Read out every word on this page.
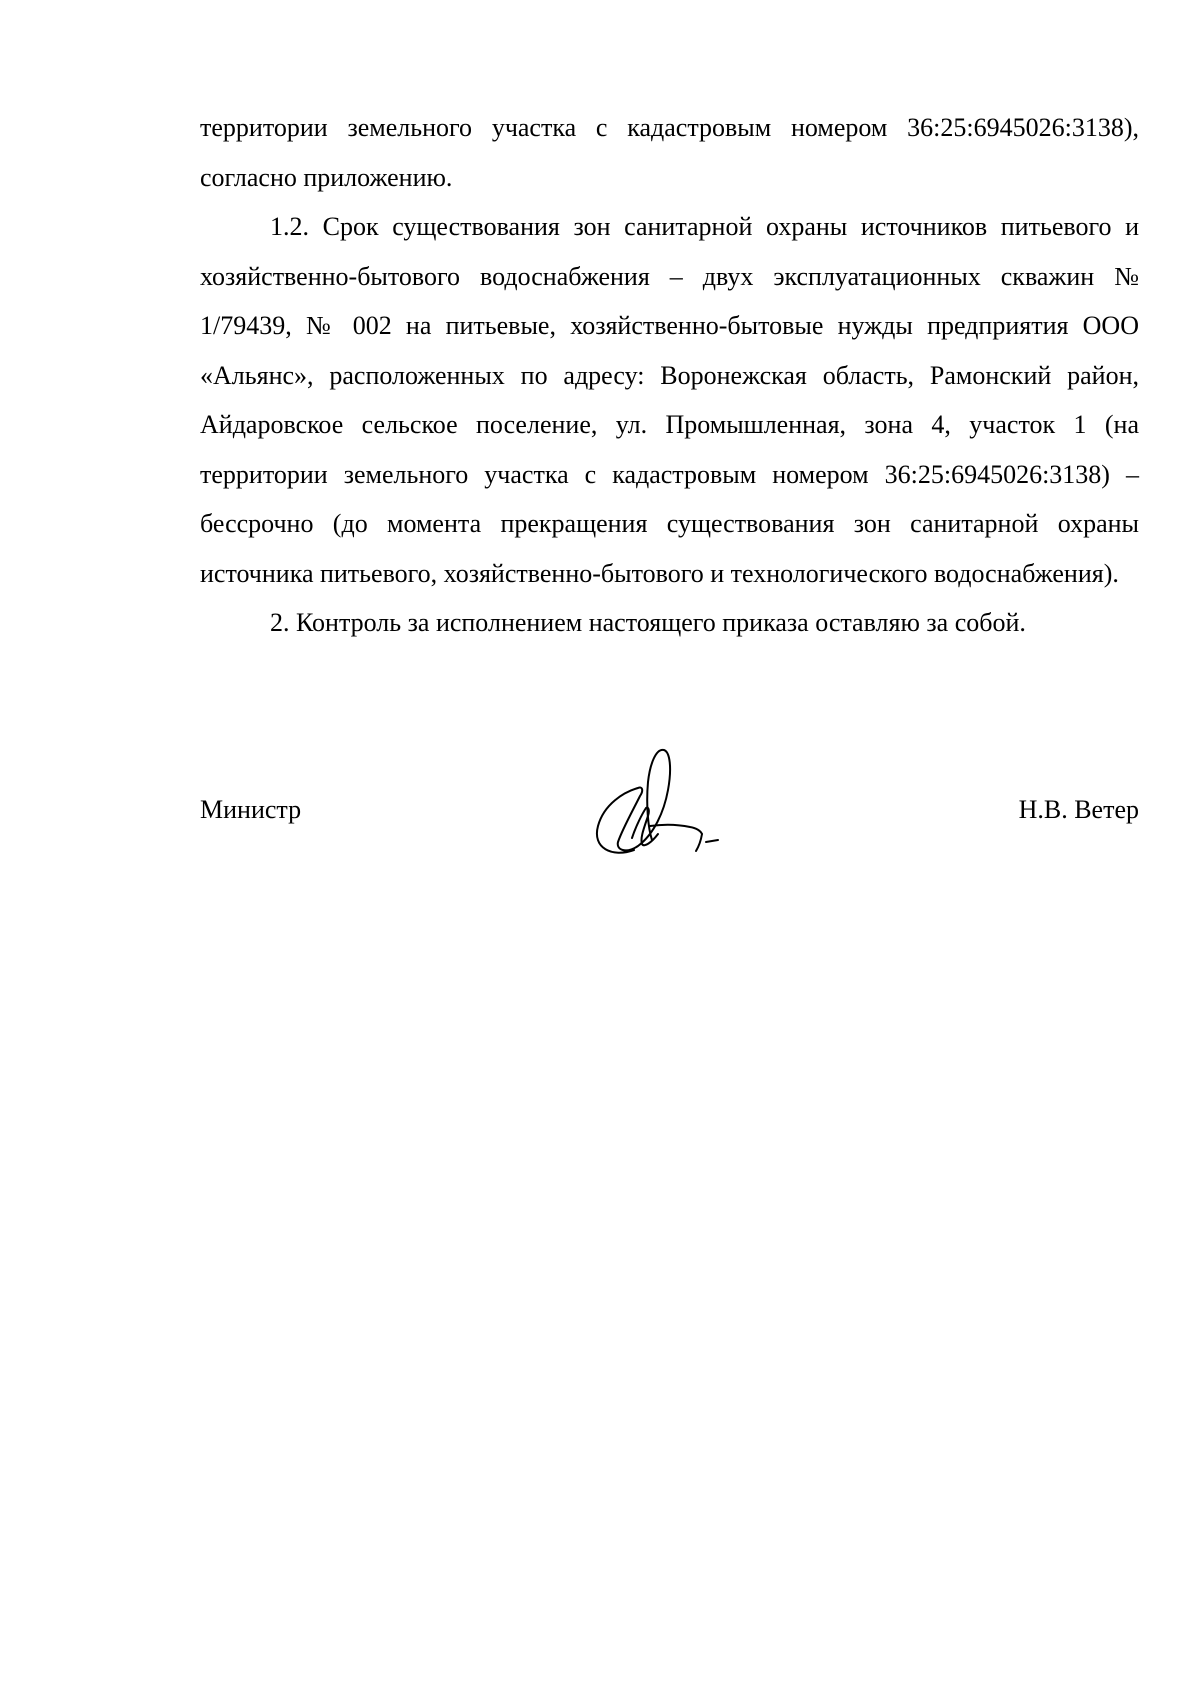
территории земельного участка с кадастровым номером 36:25:6945026:3138), согласно приложению.

1.2. Срок существования зон санитарной охраны источников питьевого и хозяйственно-бытового водоснабжения – двух эксплуатационных скважин № 1/79439, № 002 на питьевые, хозяйственно-бытовые нужды предприятия ООО «Альянс», расположенных по адресу: Воронежская область, Рамонский район, Айдаровское сельское поселение, ул. Промышленная, зона 4, участок 1 (на территории земельного участка с кадастровым номером 36:25:6945026:3138) – бессрочно (до момента прекращения существования зон санитарной охраны источника питьевого, хозяйственно-бытового и технологического водоснабжения).

2. Контроль за исполнением настоящего приказа оставляю за собой.

Министр	Н.В. Ветер
